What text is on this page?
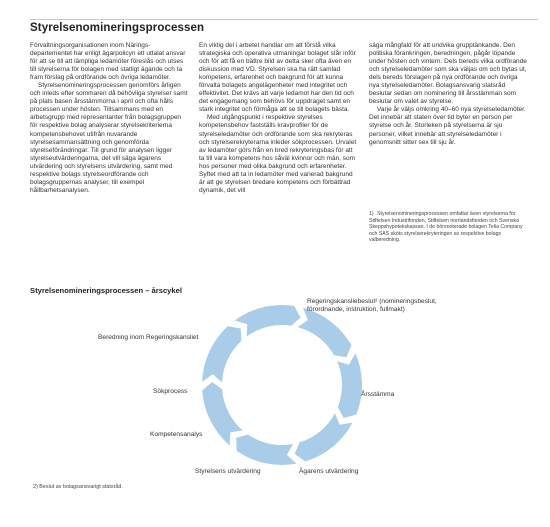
Styrelsenomineringsprocessen

Förvaltningsorganisationen inom Näringsdepartementet har enligt ägarpolicyn ett uttalat ansvar för att se till att lämpliga ledamöter föreslås och utses till styrelserna för bolagen med statligt ägande och ta fram förslag på ordförande och övriga ledamöter.

Styrelsenomineringsprocessen genomförs årligen och inleds efter sommaren då behövliga styrelser samt på plats basen årsstämmorna i april och ofta hålls processen under hösten. Tillsammans med en arbetsgrupp med representanter från bolagsgruppen för respektive bolag analyserar styrelsekriterierna kompetensbehovet utifrån nuvarande styrelsesammansättning och genomförda styrelseförändringar. Till grund för analysen ligger styrelseutvärderingarna, det vill säga ägarens utvärdering och styrelsens utvärdering, samt med respektive bolags styrelseordförande och bolagsgruppernas analyser, till exempel hållbarhetsanalysen.

En viktig del i arbetet handlar om att förstå vilka strategiska och operativa utmaningar bolaget står inför och för att få en bättre bild av detta sker ofta även en diskussion med VD. Styrelsen ska ha rätt samlad kompetens, erfarenhet och bakgrund för att kunna förvalta bolagets angelägenheter med integritet och effektivitet. Det krävs att varje ledamot har den tid och det engagemang som behövs för uppdraget samt en stark integritet och förmåga att se till bolagets bästa.

Med utgångspunkt i respektive styrelses kompetensbehov fastställs kravprofiler för de styrelseledamöter och ordförande som ska rekryteras och styrelserekryterarna inleder sökprocessen. Urvalet av ledamöter görs från en bred rekryteringsbas för att ta till vara kompetens hos såväl kvinnor och män, som hos personer med olika bakgrund och erfarenheter. Syftet med att ta in ledamöter med varierad bakgrund är att ge styrelsen bredare kompetens och förbättrad dynamik, det vill

säga mångfald för att undvika grupptänkande. Den politiska förankringen, beredningen, pågår löpande under hösten och vintern. Dels bereds vilka ordförande och styrelseledamöter som ska väljas om och bytas ut, dels bereds förslagen på nya ordförande och övriga nya styrelseledamöter. Bolagsansvarig statsråd beslutar sedan om nominering till årsstämman som beslutar om valet av styrelse.

Varje år väljs omkring 40–60 nya styrelseledamöter. Det innebär att staten över tid byter en person per styrelse och år. Storleken på styrelserna är sju personer, vilket innebär att styrelseledamöter i genomsnitt sitter sex till sju år.

1) Styrelsenomineringsprocessen omfattar även styrelserna för Stiftelsen Industrifonden, Stiftelsen norrlandsfonden och Svenska Skeppshypotekskassan. I de börsnoterade bolagen Telia Company och SAS sköts styrelserekryteringen av respektive bolags valberedning.
Styrelsenomineringsprocessen – årscykel
Regeringskansliebeslut² (nomineringsbeslut, förordnande, instruktion, fullmakt)
Årsstämma
Ägarens utvärdering
Styrelsens utvärdering
Kompetensanalys
Sökprocess
Beredning inom Regeringskansliet
2) Beslut av bolagsansvarigt statsråd.
